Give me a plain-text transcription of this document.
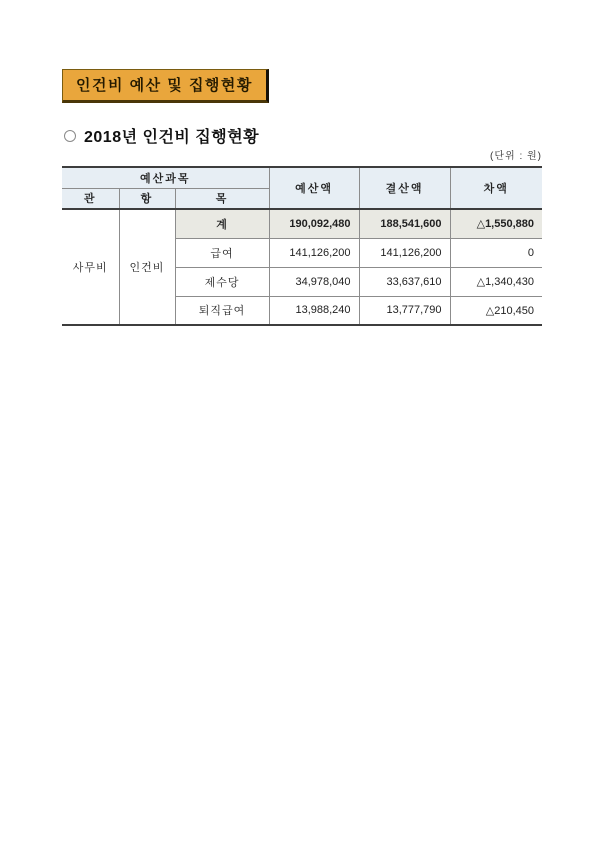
인건비 예산 및 집행현황
2018년 인건비 집행현황
(단위 : 원)
예산과목			예산액	결산액	차액
관	항	목			
사무비	인건비	계	190,092,480	188,541,600	△1,550,880
		급여	141,126,200	141,126,200	0
		제수당	34,978,040	33,637,610	△1,340,430
		퇴직급여	13,988,240	13,777,790	△210,450
